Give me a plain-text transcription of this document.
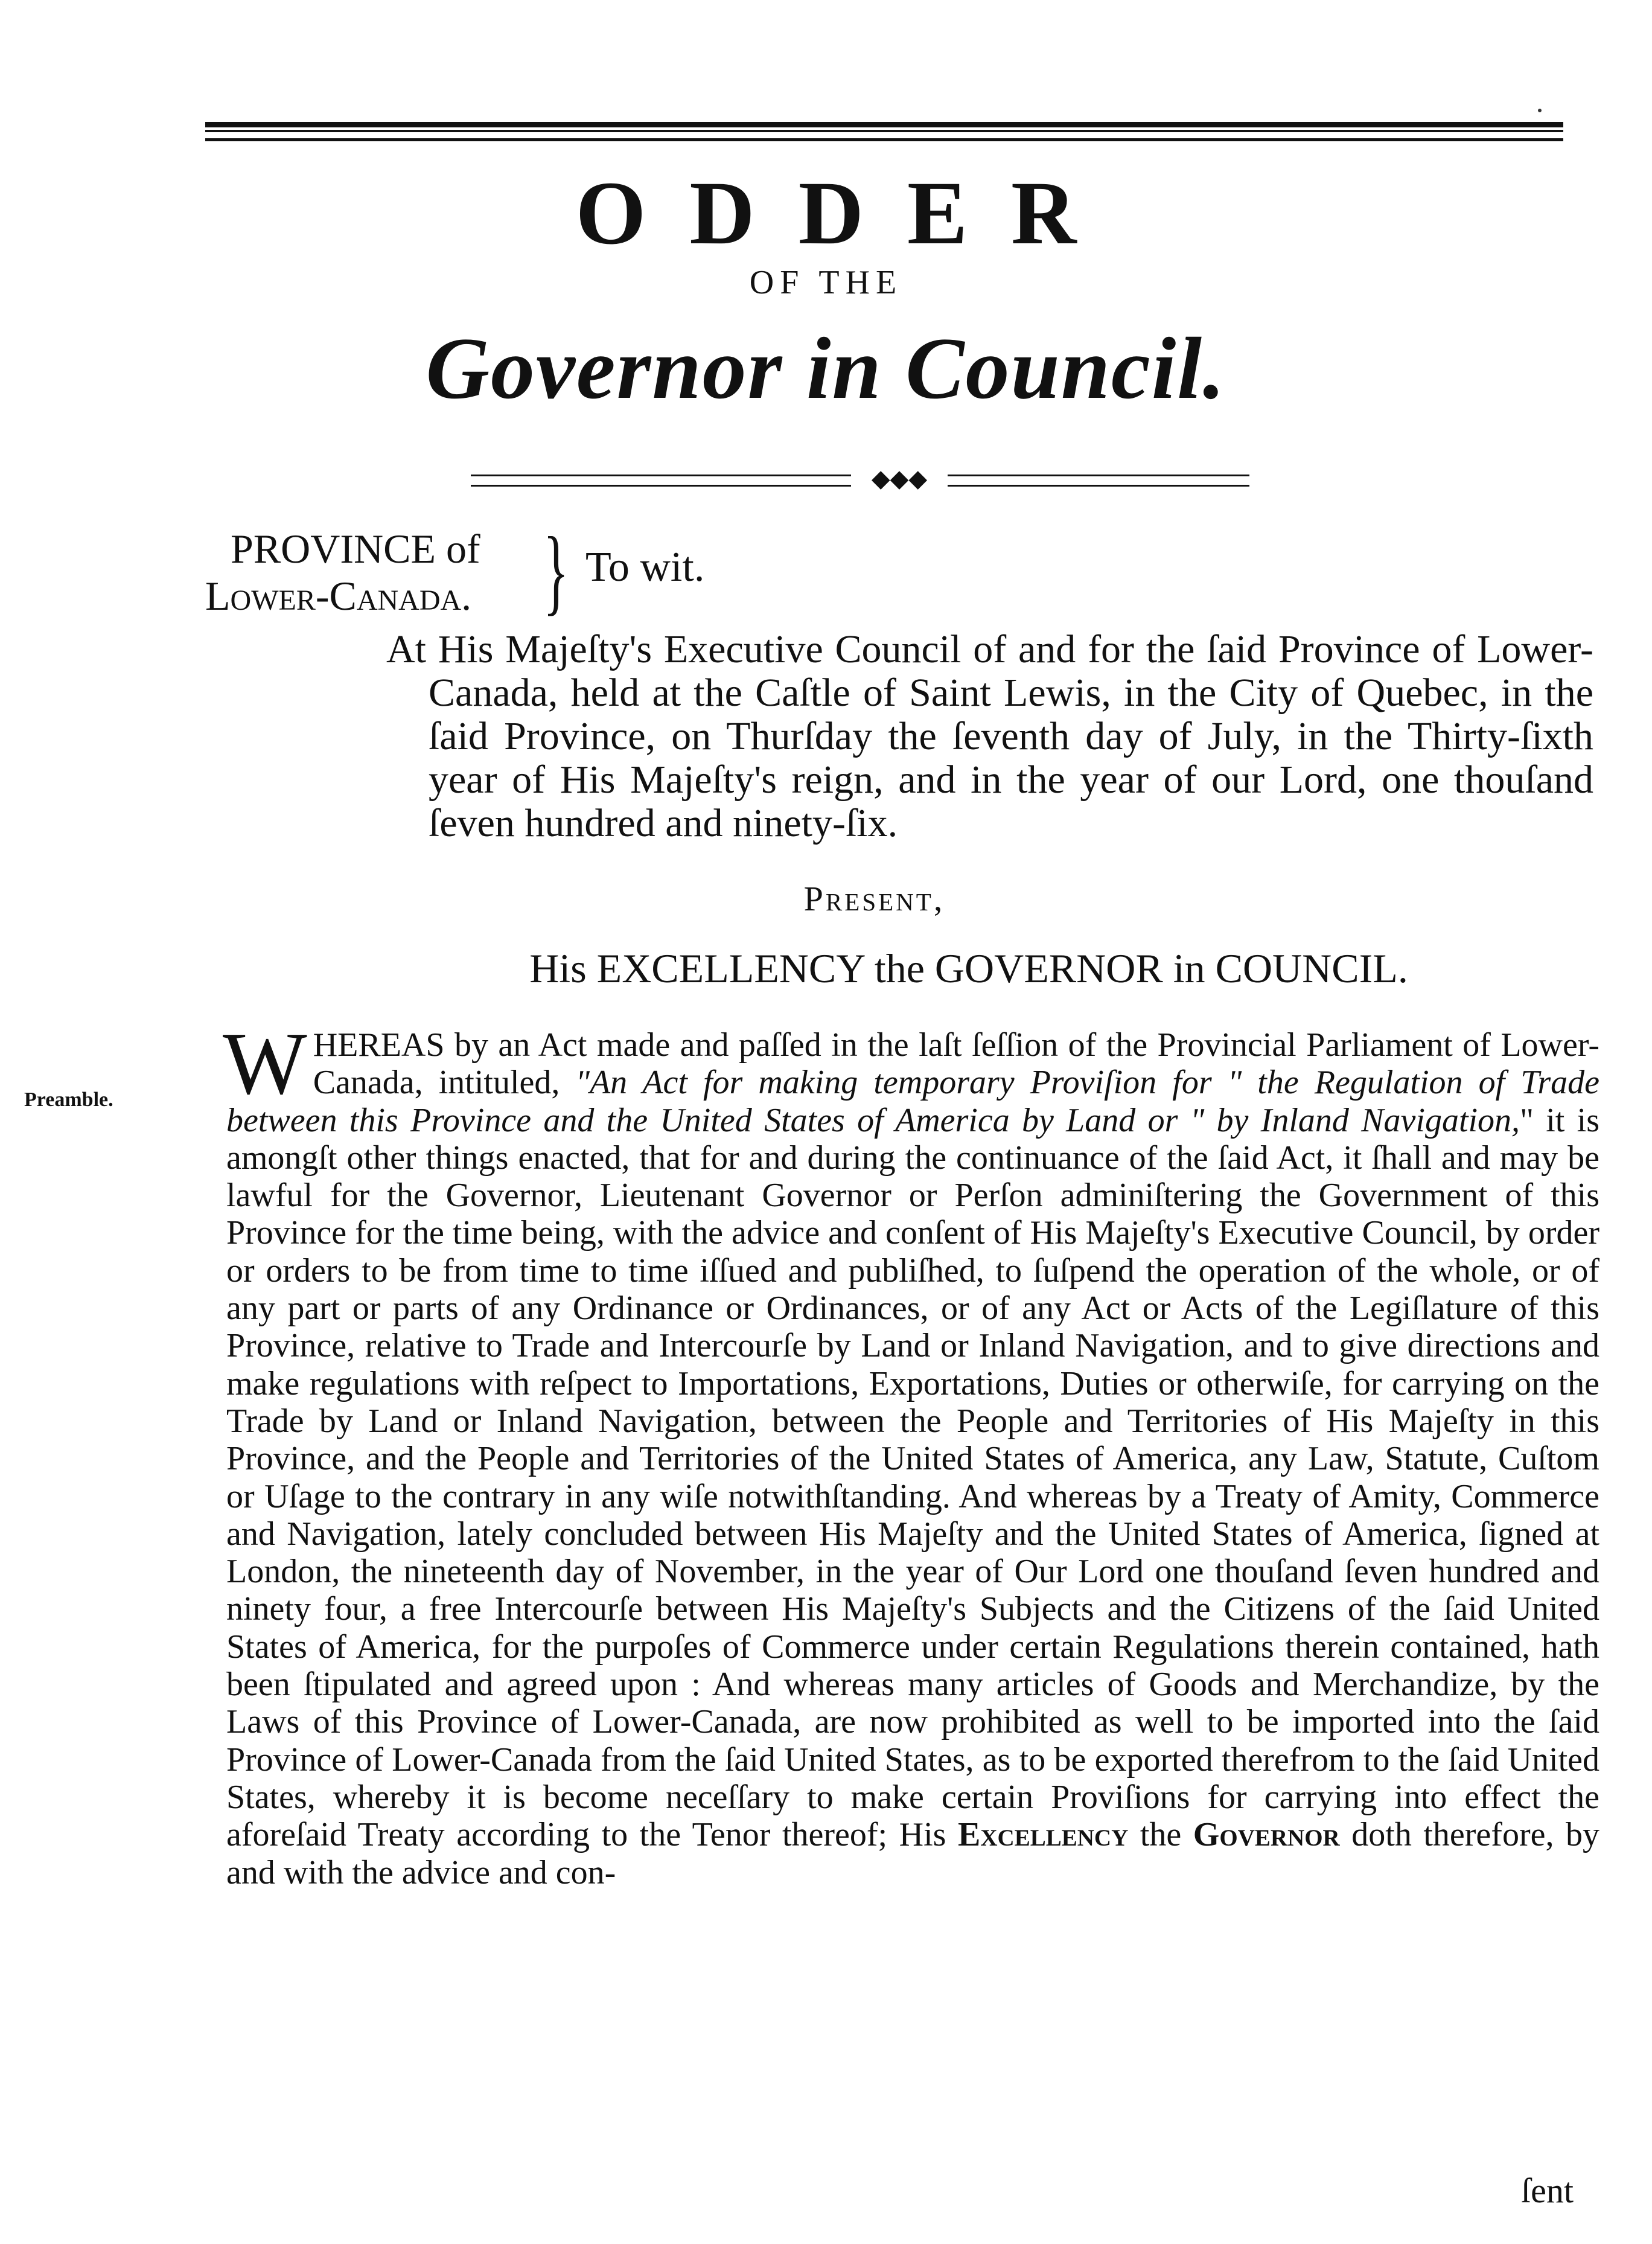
ODDER
OF THE
Governor in Council.
◆◆◆
PROVINCE of
Lower-Canada. } To wit.
At His Majeſty's Executive Council of and for the ſaid Province of Lower-Canada, held at the Caſtle of Saint Lewis, in the City of Quebec, in the ſaid Province, on Thurſday the ſeventh day of July, in the Thirty-ſixth year of His Majeſty's reign, and in the year of our Lord, one thouſand ſeven hundred and ninety-ſix.
Present,
His EXCELLENCY the GOVERNOR in COUNCIL.
Preamble. WHEREAS by an Act made and paſſed in the laſt ſeſſion of the Provincial Parliament of Lower-Canada, intituled, "An Act for making temporary Proviſion for " the Regulation of Trade between this Province and the United States of America by Land or " by Inland Navigation," it is amongſt other things enacted, that for and during the continuance of the ſaid Act, it ſhall and may be lawful for the Governor, Lieutenant Governor or Perſon adminiſtering the Government of this Province for the time being, with the advice and conſent of His Majeſty's Executive Council, by order or orders to be from time to time iſſued and publiſhed, to ſuſpend the operation of the whole, or of any part or parts of any Ordinance or Ordinances, or of any Act or Acts of the Legiſlature of this Province, relative to Trade and Intercourſe by Land or Inland Navigation, and to give directions and make regulations with reſpect to Importations, Exportations, Duties or otherwiſe, for carrying on the Trade by Land or Inland Navigation, between the People and Territories of His Majeſty in this Province, and the People and Territories of the United States of America, any Law, Statute, Cuſtom or Uſage to the contrary in any wiſe notwithſtanding. And whereas by a Treaty of Amity, Commerce and Navigation, lately concluded between His Majeſty and the United States of America, ſigned at London, the nineteenth day of November, in the year of Our Lord one thouſand ſeven hundred and ninety four, a free Intercourſe between His Majeſty's Subjects and the Citizens of the ſaid United States of America, for the purpoſes of Commerce under certain Regulations therein contained, hath been ſtipulated and agreed upon : And whereas many articles of Goods and Merchandize, by the Laws of this Province of Lower-Canada, are now prohibited as well to be imported into the ſaid Province of Lower-Canada from the ſaid United States, as to be exported therefrom to the ſaid United States, whereby it is become neceſſary to make certain Proviſions for carrying into effect the aforeſaid Treaty according to the Tenor thereof; His Excellency the Governor doth therefore, by and with the advice and con-
ſent
